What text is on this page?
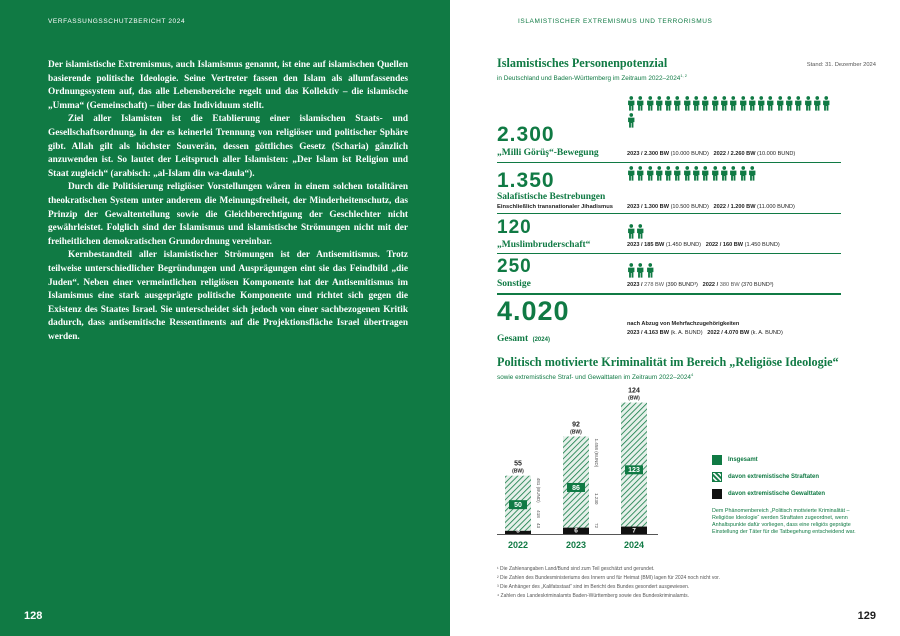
VERFASSUNGSSCHUTZBERICHT 2024

Der islamistische Extremismus, auch Islamismus genannt, ist eine auf islamischen Quellen basierende politische Ideologie. Seine Vertreter fassen den Islam als allumfassendes Ordnungssystem auf, das alle Lebensbereiche regelt und das Kollektiv – die islamische „Umma“ (Gemeinschaft) – über das Individuum stellt.

Ziel aller Islamisten ist die Etablierung einer islamischen Staats- und Gesellschaftsordnung, in der es keinerlei Trennung von religiöser und politischer Sphäre gibt. Allah gilt als höchster Souverän, dessen göttliches Gesetz (Scharia) gänzlich anzuwenden ist. So lautet der Leitspruch aller Islamisten: „Der Islam ist Religion und Staat zugleich“ (arabisch: „al-Islam din wa-daula“).

Durch die Politisierung religiöser Vorstellungen wären in einem solchen totalitären theokratischen System unter anderem die Meinungsfreiheit, der Minderheitenschutz, das Prinzip der Gewaltenteilung sowie die Gleichberechtigung der Geschlechter nicht gewährleistet. Folglich sind der Islamismus und islamistische Strömungen nicht mit der freiheitlichen demokratischen Grundordnung vereinbar.

Kernbestandteil aller islamistischer Strömungen ist der Antisemitismus. Trotz teilweise unterschiedlicher Begründungen und Ausprägungen eint sie das Feindbild „die Juden“. Neben einer vermeintlichen religiösen Komponente hat der Antisemitismus im Islamismus eine stark ausgeprägte politische Komponente und richtet sich gegen die Existenz des Staates Israel. Sie unterscheidet sich jedoch von einer sachbezogenen Kritik dadurch, dass antisemitische Ressentiments auf die Projektionsfläche Israel übertragen werden.

128
ISLAMISTISCHER EXTREMISMUS UND TERRORISMUS
Islamistisches Personenpotenzial
in Deutschland und Baden-Württemberg im Zeitraum 2022–2024$^{1, 2}$
Stand: 31. Dezember 2024
2.300
„Milli Görüş“-Bewegung	2023 / 2.300 BW (10.000 BUND) 2022 / 2.260 BW (10.000 BUND)
1.350
Salafistische Bestrebungen
Einschließlich transnationaler Jihadismus	2023 / 1.300 BW (10.500 BUND) 2022 / 1.200 BW (11.000 BUND)
120
„Muslimbruderschaft“	2023 / 185 BW (1.450 BUND) 2022 / 160 BW (1.450 BUND)
250
Sonstige	2023 / 278 BW (390 BUND³) 2022 / 380 BW (370 BUND³)
4.020
Gesamt (2024)
nach Abzug von Mehrfachzugehörigkeiten
2023 / 4.163 BW (k. A. BUND) 2022 / 4.070 BW (k. A. BUND)
Politisch motivierte Kriminalität im Bereich „Religiöse Ideologie“
sowie extremistische Straf- und Gewalttaten im Zeitraum 2022–2024$^4$
50
3
55
(BW)
2022
481 (BUND)
418
43
86
6
92
(BW)
2023
1.458 (BUND)
1.230
72
123
7
124
(BW)
2024
Insgesamt
davon extremistische Straftaten
davon extremistische Gewalttaten
Dem Phänomenbereich „Politisch motivierte Kriminalität – Religiöse Ideologie“ werden Straftaten zugeordnet, wenn Anhaltspunkte dafür vorliegen, dass eine religiös geprägte Einstellung der Täter für die Tatbegehung entscheidend war.
¹ Die Zahlenangaben Land/Bund sind zum Teil geschätzt und gerundet.
² Die Zahlen des Bundesministeriums des Innern und für Heimat (BMI) lagen für 2024 noch nicht vor.
³ Die Anhänger des „Kalifatsstaat“ sind im Bericht des Bundes gesondert ausgewiesen.
⁴ Zahlen des Landeskriminalamts Baden-Württemberg sowie des Bundeskriminalamts.
129
